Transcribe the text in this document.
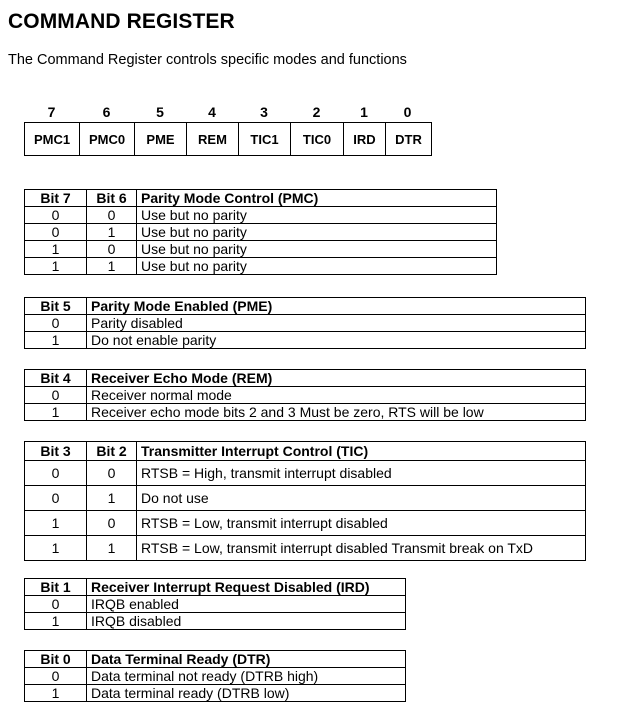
COMMAND REGISTER

The Command Register controls specific modes and functions

7	6	5	4	3	2	1	0
PMC1	PMC0	PME	REM	TIC1	TIC0	IRD	DTR
Bit 7	Bit 6	Parity Mode Control (PMC)
0	0	Use but no parity
0	1	Use but no parity
1	0	Use but no parity
1	1	Use but no parity
Bit 5	Parity Mode Enabled (PME)
0	Parity disabled
1	Do not enable parity
Bit 4	Receiver Echo Mode (REM)
0	Receiver normal mode
1	Receiver echo mode bits 2 and 3 Must be zero, RTS will be low
Bit 3	Bit 2	Transmitter Interrupt Control (TIC)
0	0	RTSB = High, transmit interrupt disabled
0	1	Do not use
1	0	RTSB = Low, transmit interrupt disabled
1	1	RTSB = Low, transmit interrupt disabled Transmit break on TxD
Bit 1	Receiver Interrupt Request Disabled (IRD)
0	IRQB enabled
1	IRQB disabled
Bit 0	Data Terminal Ready (DTR)
0	Data terminal not ready (DTRB high)
1	Data terminal ready (DTRB low)
